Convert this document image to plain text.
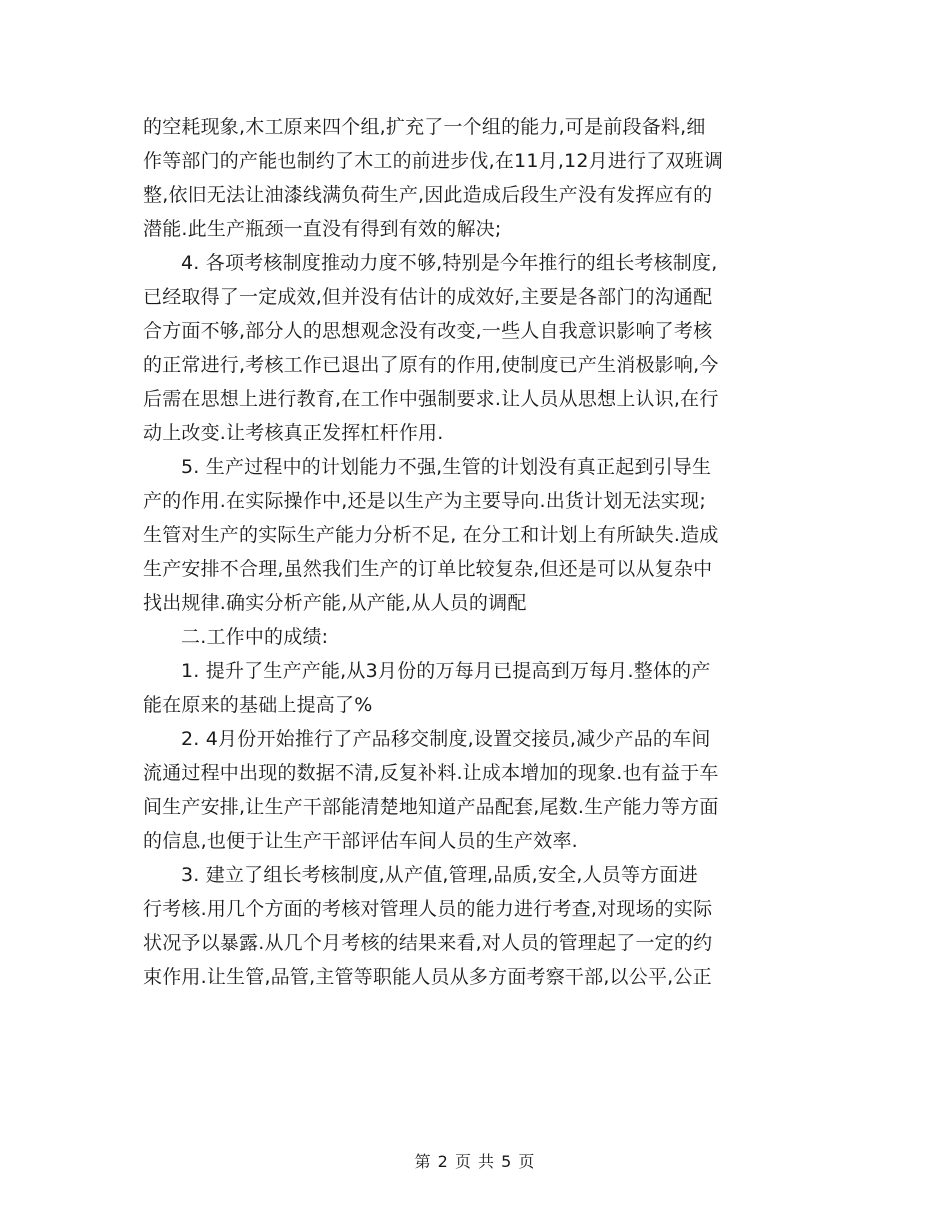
的空耗现象,木工原来四个组,扩充了一个组的能力,可是前段备料,细
作等部门的产能也制约了木工的前进步伐,在11月,12月进行了双班调
整,依旧无法让油漆线满负荷生产,因此造成后段生产没有发挥应有的
潜能.此生产瓶颈一直没有得到有效的解决;
4. 各项考核制度推动力度不够,特别是今年推行的组长考核制度,
已经取得了一定成效,但并没有估计的成效好,主要是各部门的沟通配
合方面不够,部分人的思想观念没有改变,一些人自我意识影响了考核
的正常进行,考核工作已退出了原有的作用,使制度已产生消极影响,今
后需在思想上进行教育,在工作中强制要求.让人员从思想上认识,在行
动上改变.让考核真正发挥杠杆作用.
5. 生产过程中的计划能力不强,生管的计划没有真正起到引导生
产的作用.在实际操作中,还是以生产为主要导向.出货计划无法实现;
生管对生产的实际生产能力分析不足, 在分工和计划上有所缺失.造成
生产安排不合理,虽然我们生产的订单比较复杂,但还是可以从复杂中
找出规律.确实分析产能,从产能,从人员的调配
二.工作中的成绩:
1. 提升了生产产能,从3月份的万每月已提高到万每月.整体的产
能在原来的基础上提高了%
2. 4月份开始推行了产品移交制度,设置交接员,减少产品的车间
流通过程中出现的数据不清,反复补料.让成本增加的现象.也有益于车
间生产安排,让生产干部能清楚地知道产品配套,尾数.生产能力等方面
的信息,也便于让生产干部评估车间人员的生产效率.
3. 建立了组长考核制度,从产值,管理,品质,安全,人员等方面进
行考核.用几个方面的考核对管理人员的能力进行考查,对现场的实际
状况予以暴露.从几个月考核的结果来看,对人员的管理起了一定的约
束作用.让生管,品管,主管等职能人员从多方面考察干部,以公平,公正
第 2 页 共 5 页
